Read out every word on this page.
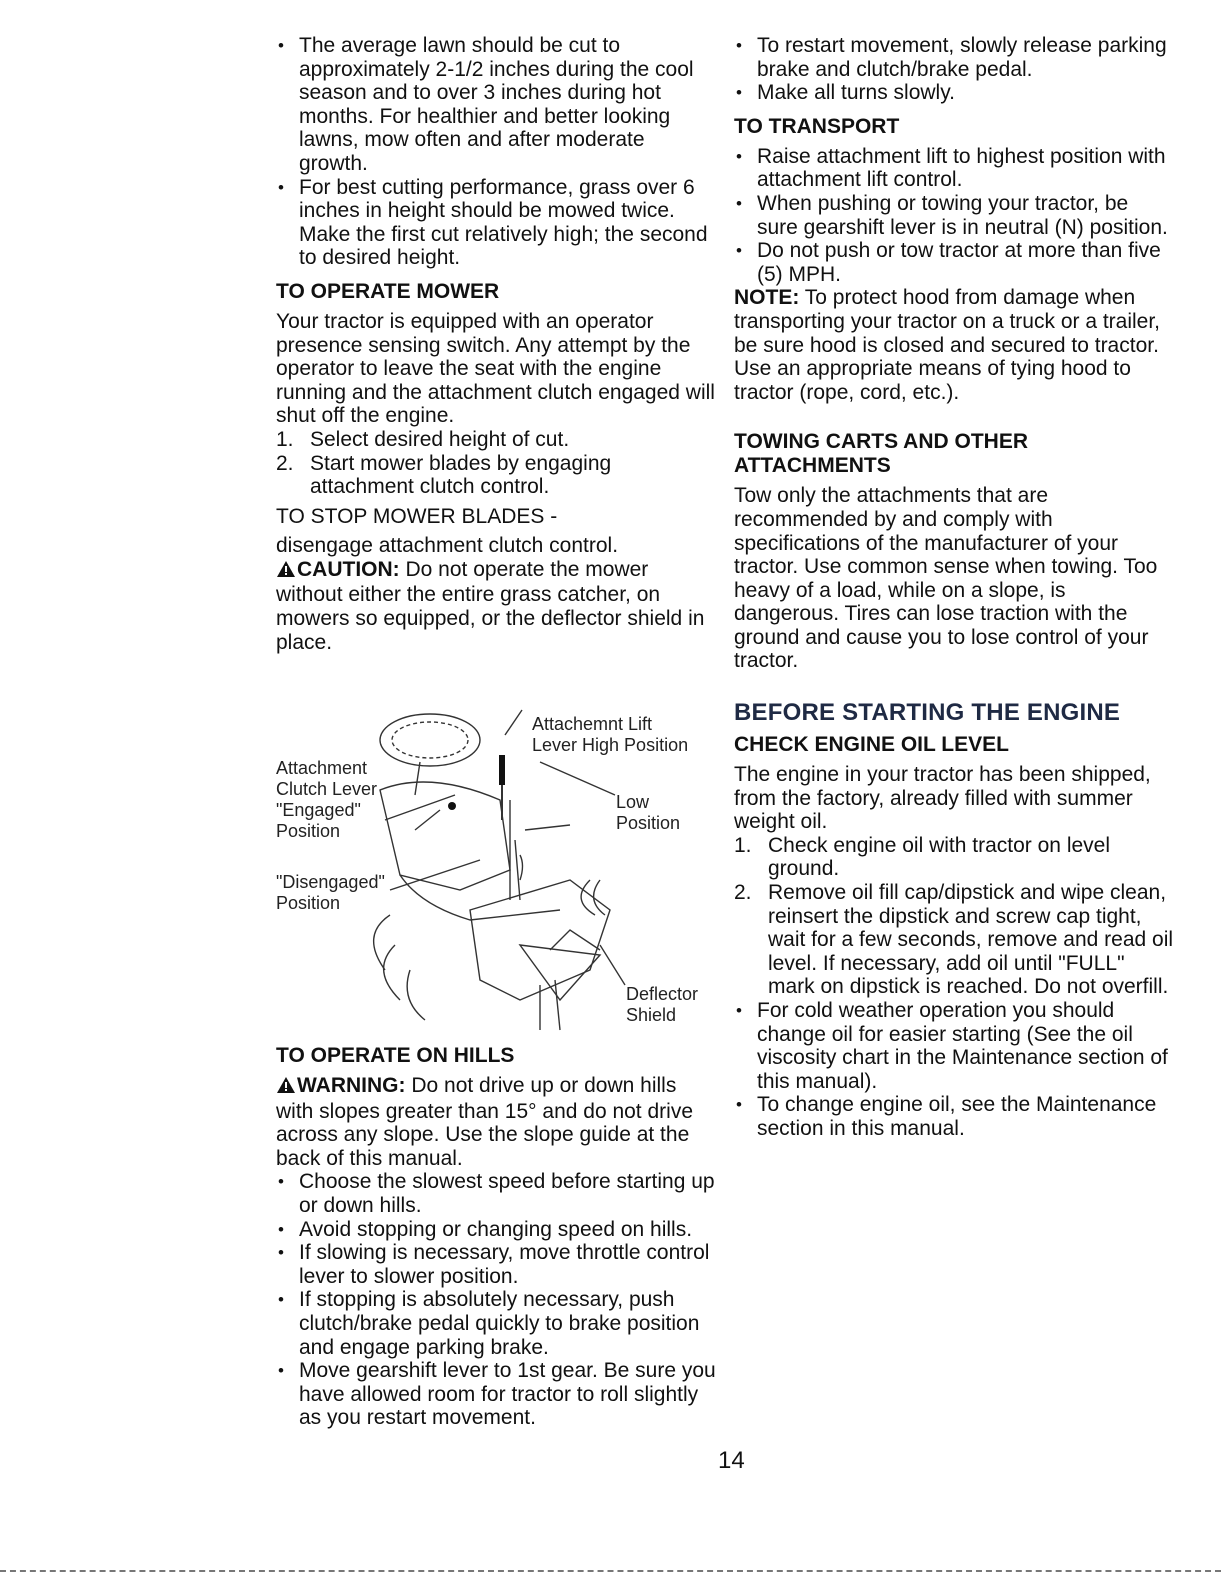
• The average lawn should be cut to approximately 2-1/2 inches during the cool season and to over 3 inches during hot months. For healthier and better looking lawns, mow often and after moderate growth.

• For best cutting performance, grass over 6 inches in height should be mowed twice. Make the first cut relatively high; the second to desired height.

TO OPERATE MOWER

Your tractor is equipped with an operator presence sensing switch. Any attempt by the operator to leave the seat with the engine running and the attachment clutch engaged will shut off the engine.

1. Select desired height of cut.

2. Start mower blades by engaging attachment clutch control.

TO STOP MOWER BLADES -

disengage attachment clutch control.

CAUTION: Do not operate the mower without either the entire grass catcher, on mowers so equipped, or the deflector shield in place.

Attachemnt Lift
Lever High Position
Attachment
Clutch Lever
"Engaged"
Position
"Disengaged"
Position
Low
Position
Deflector
Shield
TO OPERATE ON HILLS

WARNING: Do not drive up or down hills with slopes greater than 15° and do not drive across any slope. Use the slope guide at the back of this manual.

• Choose the slowest speed before starting up or down hills.

• Avoid stopping or changing speed on hills.

• If slowing is necessary, move throttle control lever to slower position.

• If stopping is absolutely necessary, push clutch/brake pedal quickly to brake position and engage parking brake.

• Move gearshift lever to 1st gear. Be sure you have allowed room for tractor to roll slightly as you restart movement.

• To restart movement, slowly release parking brake and clutch/brake pedal.

• Make all turns slowly.

TO TRANSPORT

• Raise attachment lift to highest position with attachment lift control.

• When pushing or towing your tractor, be sure gearshift lever is in neutral (N) position.

• Do not push or tow tractor at more than five (5) MPH.

NOTE: To protect hood from damage when transporting your tractor on a truck or a trailer, be sure hood is closed and secured to tractor. Use an appropriate means of tying hood to tractor (rope, cord, etc.).

TOWING CARTS AND OTHER ATTACHMENTS

Tow only the attachments that are recommended by and comply with specifications of the manufacturer of your tractor. Use common sense when towing. Too heavy of a load, while on a slope, is dangerous. Tires can lose traction with the ground and cause you to lose control of your tractor.

BEFORE STARTING THE ENGINE
CHECK ENGINE OIL LEVEL

The engine in your tractor has been shipped, from the factory, already filled with summer weight oil.

1. Check engine oil with tractor on level ground.

2. Remove oil fill cap/dipstick and wipe clean, reinsert the dipstick and screw cap tight, wait for a few seconds, remove and read oil level. If necessary, add oil until "FULL" mark on dipstick is reached. Do not overfill.

• For cold weather operation you should change oil for easier starting (See the oil viscosity chart in the Maintenance section of this manual).

• To change engine oil, see the Maintenance section in this manual.

14
